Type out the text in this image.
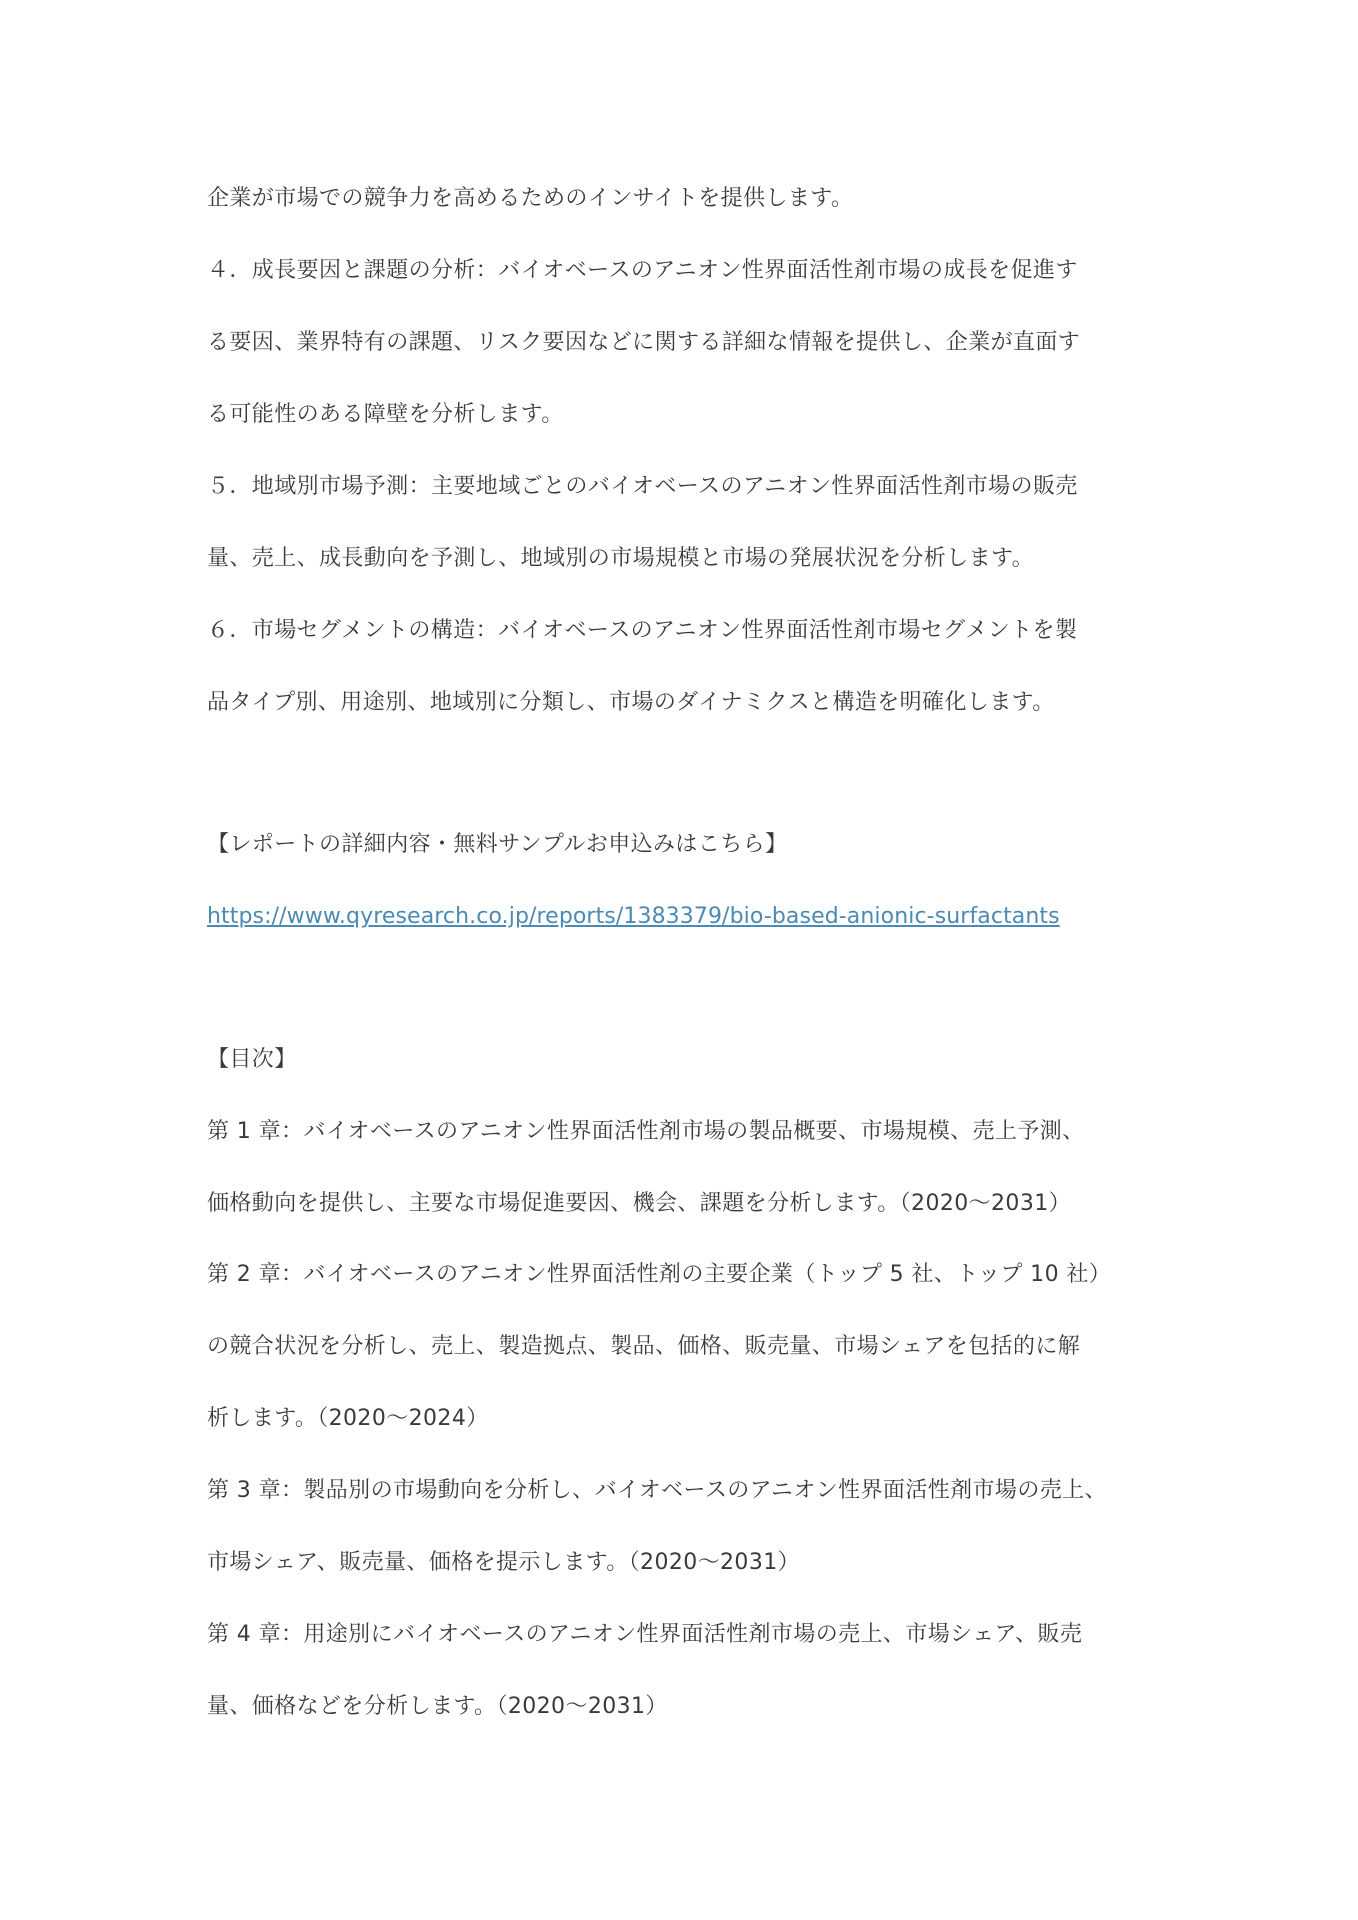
企業が市場での競争力を高めるためのインサイトを提供します。
４．成長要因と課題の分析：バイオベースのアニオン性界面活性剤市場の成長を促進す
る要因、業界特有の課題、リスク要因などに関する詳細な情報を提供し、企業が直面す
る可能性のある障壁を分析します。
５．地域別市場予測：主要地域ごとのバイオベースのアニオン性界面活性剤市場の販売
量、売上、成長動向を予測し、地域別の市場規模と市場の発展状況を分析します。
６．市場セグメントの構造：バイオベースのアニオン性界面活性剤市場セグメントを製
品タイプ別、用途別、地域別に分類し、市場のダイナミクスと構造を明確化します。
【レポートの詳細内容・無料サンプルお申込みはこちら】
https://www.qyresearch.co.jp/reports/1383379/bio-based-anionic-surfactants
【目次】
第 1 章：バイオベースのアニオン性界面活性剤市場の製品概要、市場規模、売上予測、
価格動向を提供し、主要な市場促進要因、機会、課題を分析します。（2020～2031）
第 2 章：バイオベースのアニオン性界面活性剤の主要企業（トップ 5 社、トップ 10 社）
の競合状況を分析し、売上、製造拠点、製品、価格、販売量、市場シェアを包括的に解
析します。（2020～2024）
第 3 章：製品別の市場動向を分析し、バイオベースのアニオン性界面活性剤市場の売上、
市場シェア、販売量、価格を提示します。（2020～2031）
第 4 章：用途別にバイオベースのアニオン性界面活性剤市場の売上、市場シェア、販売
量、価格などを分析します。（2020～2031）
